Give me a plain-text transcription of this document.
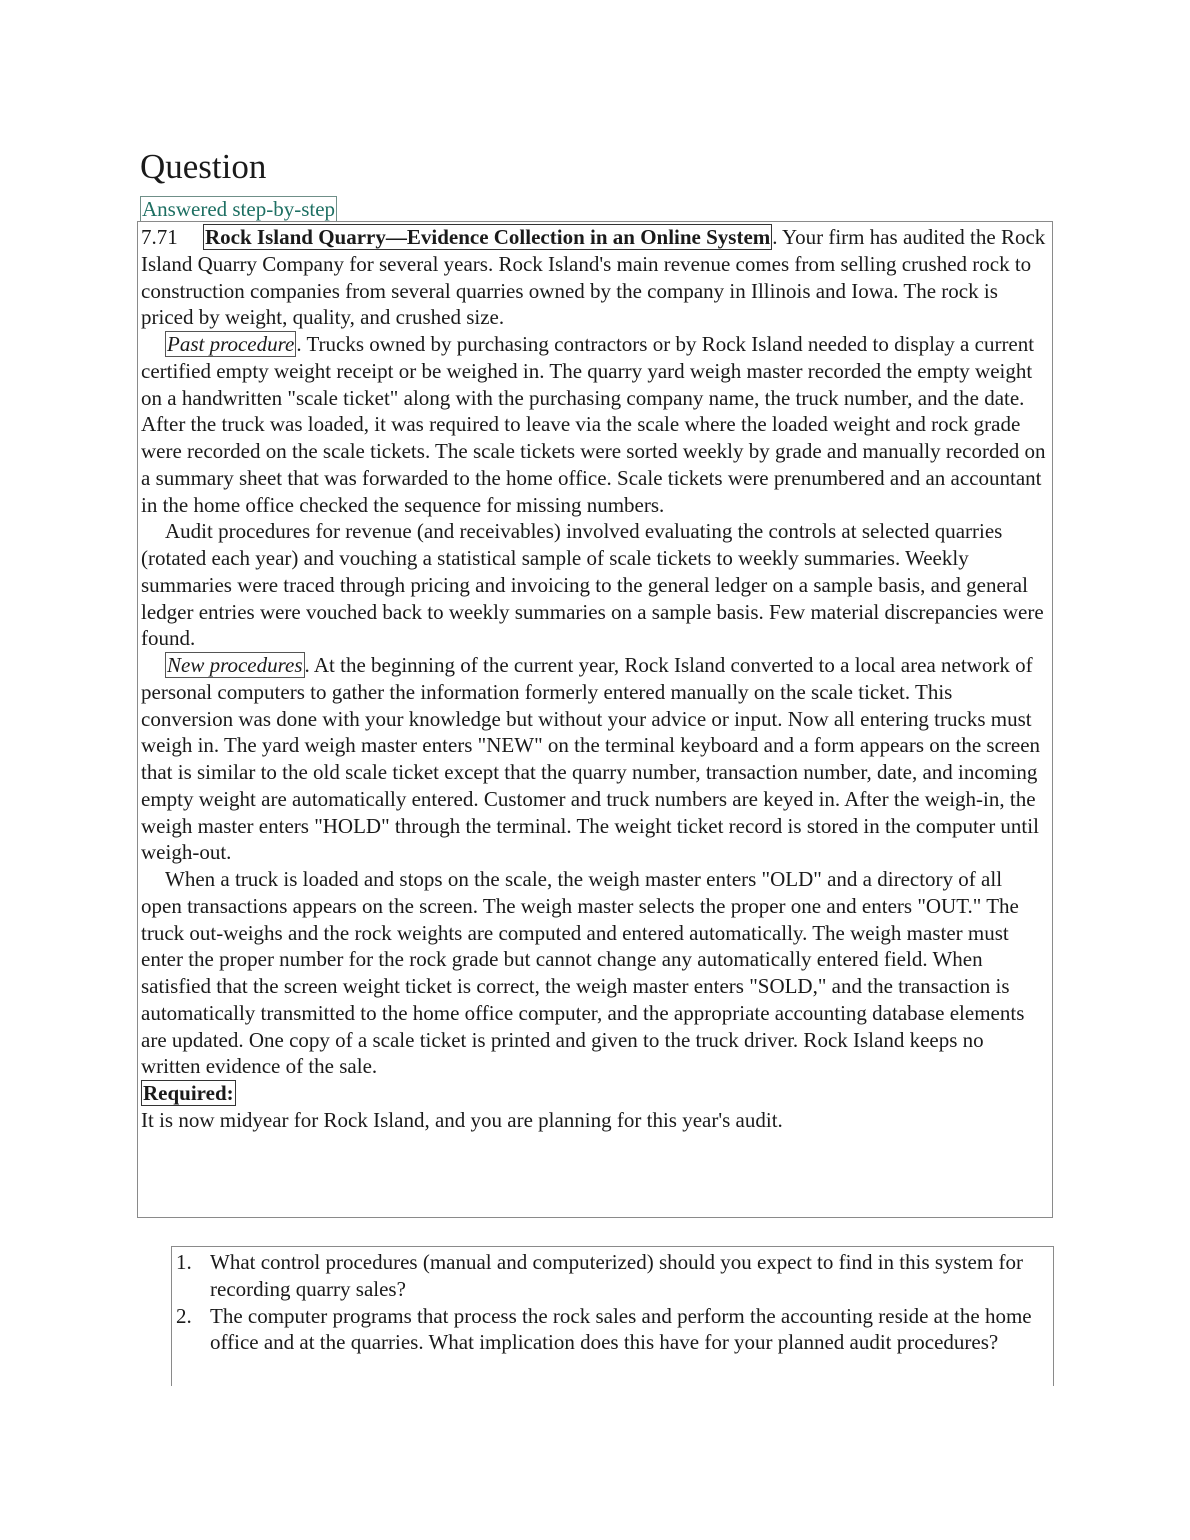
Question
Answered step-by-step

7.71 Rock Island Quarry—Evidence Collection in an Online System. Your firm has audited the Rock Island Quarry Company for several years. Rock Island's main revenue comes from selling crushed rock to construction companies from several quarries owned by the company in Illinois and Iowa. The rock is priced by weight, quality, and crushed size.

Past procedure. Trucks owned by purchasing contractors or by Rock Island needed to display a current certified empty weight receipt or be weighed in. The quarry yard weigh master recorded the empty weight on a handwritten "scale ticket" along with the purchasing company name, the truck number, and the date. After the truck was loaded, it was required to leave via the scale where the loaded weight and rock grade were recorded on the scale tickets. The scale tickets were sorted weekly by grade and manually recorded on a summary sheet that was forwarded to the home office. Scale tickets were prenumbered and an accountant in the home office checked the sequence for missing numbers.

Audit procedures for revenue (and receivables) involved evaluating the controls at selected quarries (rotated each year) and vouching a statistical sample of scale tickets to weekly summaries. Weekly summaries were traced through pricing and invoicing to the general ledger on a sample basis, and general ledger entries were vouched back to weekly summaries on a sample basis. Few material discrepancies were found.

New procedures. At the beginning of the current year, Rock Island converted to a local area network of personal computers to gather the information formerly entered manually on the scale ticket. This conversion was done with your knowledge but without your advice or input. Now all entering trucks must weigh in. The yard weigh master enters "NEW" on the terminal keyboard and a form appears on the screen that is similar to the old scale ticket except that the quarry number, transaction number, date, and incoming empty weight are automatically entered. Customer and truck numbers are keyed in. After the weigh-in, the weigh master enters "HOLD" through the terminal. The weight ticket record is stored in the computer until weigh-out.

When a truck is loaded and stops on the scale, the weigh master enters "OLD" and a directory of all open transactions appears on the screen. The weigh master selects the proper one and enters "OUT." The truck out-weighs and the rock weights are computed and entered automatically. The weigh master must enter the proper number for the rock grade but cannot change any automatically entered field. When satisfied that the screen weight ticket is correct, the weigh master enters "SOLD," and the transaction is automatically transmitted to the home office computer, and the appropriate accounting database elements are updated. One copy of a scale ticket is printed and given to the truck driver. Rock Island keeps no written evidence of the sale.

Required:

It is now midyear for Rock Island, and you are planning for this year's audit.

1. What control procedures (manual and computerized) should you expect to find in this system for recording quarry sales?
2. The computer programs that process the rock sales and perform the accounting reside at the home office and at the quarries. What implication does this have for your planned audit procedures?
